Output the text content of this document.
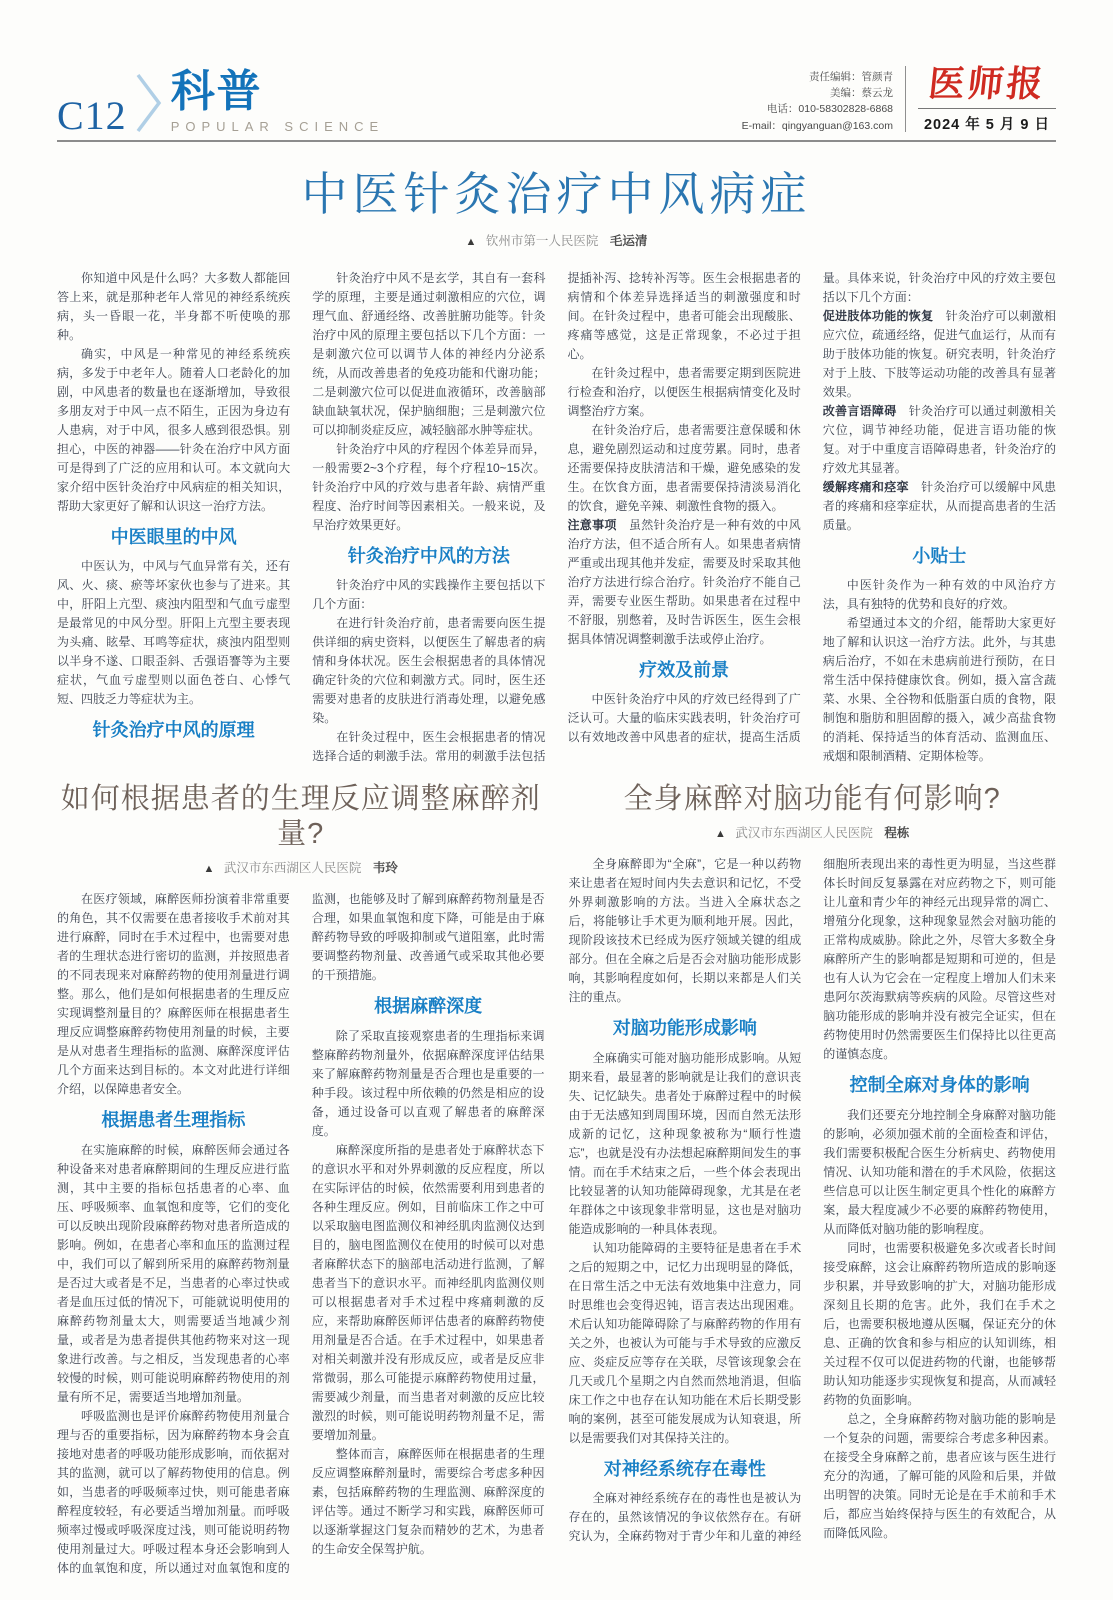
C12 科普
POPULAR SCIENCE
责任编辑：管颜青
美编：蔡云龙
电话：010-58302828-6868
E-mail：qingyanguan@163.com
医师报
2024 年 5 月 9 日
中医针灸治疗中风病症
▲ 钦州市第一人民医院 毛运清

你知道中风是什么吗？大多数人都能回答上来，就是那种老年人常见的神经系统疾病，头一昏眼一花，半身都不听使唤的那种。

确实，中风是一种常见的神经系统疾病，多发于中老年人。随着人口老龄化的加剧，中风患者的数量也在逐渐增加，导致很多朋友对于中风一点不陌生，正因为身边有人患病，对于中风，很多人感到很恐惧。别担心，中医的神器——针灸在治疗中风方面可是得到了广泛的应用和认可。本文就向大家介绍中医针灸治疗中风病症的相关知识，帮助大家更好了解和认识这一治疗方法。

中医眼里的中风

中医认为，中风与气血异常有关，还有风、火、痰、瘀等坏家伙也参与了进来。其中，肝阳上亢型、痰浊内阻型和气血亏虚型是最常见的中风分型。肝阳上亢型主要表现为头痛、眩晕、耳鸣等症状，痰浊内阻型则以半身不遂、口眼歪斜、舌强语謇等为主要症状，气血亏虚型则以面色苍白、心悸气短、四肢乏力等症状为主。

针灸治疗中风的原理

针灸治疗中风不是玄学，其自有一套科学的原理，主要是通过刺激相应的穴位，调理气血、舒通经络、改善脏腑功能等。针灸治疗中风的原理主要包括以下几个方面：一是刺激穴位可以调节人体的神经内分泌系统，从而改善患者的免疫功能和代谢功能；二是刺激穴位可以促进血液循环，改善脑部缺血缺氧状况，保护脑细胞；三是刺激穴位可以抑制炎症反应，减轻脑部水肿等症状。

针灸治疗中风的疗程因个体差异而异，一般需要2~3个疗程，每个疗程10~15次。针灸治疗中风的疗效与患者年龄、病情严重程度、治疗时间等因素相关。一般来说，及早治疗效果更好。

针灸治疗中风的方法

针灸治疗中风的实践操作主要包括以下几个方面：

在进行针灸治疗前，患者需要向医生提供详细的病史资料，以便医生了解患者的病情和身体状况。医生会根据患者的具体情况确定针灸的穴位和刺激方式。同时，医生还需要对患者的皮肤进行消毒处理，以避免感染。

在针灸过程中，医生会根据患者的情况选择合适的刺激手法。常用的刺激手法包括提插补泻、捻转补泻等。医生会根据患者的病情和个体差异选择适当的刺激强度和时间。在针灸过程中，患者可能会出现酸胀、疼痛等感觉，这是正常现象，不必过于担心。

在针灸过程中，患者需要定期到医院进行检查和治疗，以便医生根据病情变化及时调整治疗方案。

在针灸治疗后，患者需要注意保暖和休息，避免剧烈运动和过度劳累。同时，患者还需要保持皮肤清洁和干燥，避免感染的发生。在饮食方面，患者需要保持清淡易消化的饮食，避免辛辣、刺激性食物的摄入。

注意事项　虽然针灸治疗是一种有效的中风治疗方法，但不适合所有人。如果患者病情严重或出现其他并发症，需要及时采取其他治疗方法进行综合治疗。针灸治疗不能自己弄，需要专业医生帮助。如果患者在过程中不舒服，别憋着，及时告诉医生，医生会根据具体情况调整刺激手法或停止治疗。

疗效及前景

中医针灸治疗中风的疗效已经得到了广泛认可。大量的临床实践表明，针灸治疗可以有效地改善中风患者的症状，提高生活质量。具体来说，针灸治疗中风的疗效主要包括以下几个方面：

促进肢体功能的恢复　针灸治疗可以刺激相应穴位，疏通经络，促进气血运行，从而有助于肢体功能的恢复。研究表明，针灸治疗对于上肢、下肢等运动功能的改善具有显著效果。

改善言语障碍　针灸治疗可以通过刺激相关穴位，调节神经功能，促进言语功能的恢复。对于中重度言语障碍患者，针灸治疗的疗效尤其显著。

缓解疼痛和痉挛　针灸治疗可以缓解中风患者的疼痛和痉挛症状，从而提高患者的生活质量。

小贴士

中医针灸作为一种有效的中风治疗方法，具有独特的优势和良好的疗效。

希望通过本文的介绍，能帮助大家更好地了解和认识这一治疗方法。此外，与其患病后治疗，不如在未患病前进行预防，在日常生活中保持健康饮食。例如，摄入富含蔬菜、水果、全谷物和低脂蛋白质的食物，限制饱和脂肪和胆固醇的摄入，减少高盐食物的消耗、保持适当的体育活动、监测血压、戒烟和限制酒精、定期体检等。

如何根据患者的生理反应调整麻醉剂量?
▲ 武汉市东西湖区人民医院 韦玲

在医疗领域，麻醉医师扮演着非常重要的角色，其不仅需要在患者接收手术前对其进行麻醉，同时在手术过程中，也需要对患者的生理状态进行密切的监测，并按照患者的不同表现来对麻醉药物的使用剂量进行调整。那么，他们是如何根据患者的生理反应实现调整剂量目的？麻醉医师在根据患者生理反应调整麻醉药物使用剂量的时候，主要是从对患者生理指标的监测、麻醉深度评估几个方面来达到目标的。本文对此进行详细介绍，以保障患者安全。

根据患者生理指标

在实施麻醉的时候，麻醉医师会通过各种设备来对患者麻醉期间的生理反应进行监测，其中主要的指标包括患者的心率、血压、呼吸频率、血氧饱和度等，它们的变化可以反映出现阶段麻醉药物对患者所造成的影响。例如，在患者心率和血压的监测过程中，我们可以了解到所采用的麻醉药物剂量是否过大或者是不足，当患者的心率过快或者是血压过低的情况下，可能就说明使用的麻醉药物剂量太大，则需要适当地减少剂量，或者是为患者提供其他药物来对这一现象进行改善。与之相反，当发现患者的心率较慢的时候，则可能说明麻醉药物使用的剂量有所不足，需要适当地增加剂量。

呼吸监测也是评价麻醉药物使用剂量合理与否的重要指标，因为麻醉药物本身会直接地对患者的呼吸功能形成影响，而依据对其的监测，就可以了解药物使用的信息。例如，当患者的呼吸频率过快，则可能患者麻醉程度较轻，有必要适当增加剂量。而呼吸频率过慢或呼吸深度过浅，则可能说明药物使用剂量过大。呼吸过程本身还会影响到人体的血氧饱和度，所以通过对血氧饱和度的监测，也能够及时了解到麻醉药物剂量是否合理，如果血氧饱和度下降，可能是由于麻醉药物导致的呼吸抑制或气道阻塞，此时需要调整药物剂量、改善通气或采取其他必要的干预措施。

根据麻醉深度

除了采取直接观察患者的生理指标来调整麻醉药物剂量外，依据麻醉深度评估结果来了解麻醉药物剂量是否合理也是重要的一种手段。该过程中所依赖的仍然是相应的设备，通过设备可以直观了解患者的麻醉深度。

麻醉深度所指的是患者处于麻醉状态下的意识水平和对外界刺激的反应程度，所以在实际评估的时候，依然需要利用到患者的各种生理反应。例如，目前临床工作之中可以采取脑电图监测仪和神经肌肉监测仪达到目的，脑电图监测仪在使用的时候可以对患者麻醉状态下的脑部电活动进行监测，了解患者当下的意识水平。而神经肌肉监测仪则可以根据患者对手术过程中疼痛刺激的反应，来帮助麻醉医师评估患者的麻醉药物使用剂量是否合适。在手术过程中，如果患者对相关刺激并没有形成反应，或者是反应非常微弱，那么可能提示麻醉药物使用过量，需要减少剂量，而当患者对刺激的反应比较激烈的时候，则可能说明药物剂量不足，需要增加剂量。

整体而言，麻醉医师在根据患者的生理反应调整麻醉剂量时，需要综合考虑多种因素，包括麻醉药物的生理监测、麻醉深度的评估等。通过不断学习和实践，麻醉医师可以逐渐掌握这门复杂而精妙的艺术，为患者的生命安全保驾护航。

全身麻醉对脑功能有何影响?
▲ 武汉市东西湖区人民医院 程栋

全身麻醉即为“全麻”，它是一种以药物来让患者在短时间内失去意识和记忆，不受外界刺激影响的方法。当进入全麻状态之后，将能够让手术更为顺利地开展。因此，现阶段该技术已经成为医疗领域关键的组成部分。但在全麻之后是否会对脑功能形成影响，其影响程度如何，长期以来都是人们关注的重点。

对脑功能形成影响

全麻确实可能对脑功能形成影响。从短期来看，最显著的影响就是让我们的意识丧失、记忆缺失。患者处于麻醉过程中的时候由于无法感知到周围环境，因而自然无法形成新的记忆，这种现象被称为“顺行性遗忘”，也就是没有办法想起麻醉期间发生的事情。而在手术结束之后，一些个体会表现出比较显著的认知功能障碍现象，尤其是在老年群体之中该现象非常明显，这也是对脑功能造成影响的一种具体表现。

认知功能障碍的主要特征是患者在手术之后的短期之中，记忆力出现明显的降低，在日常生活之中无法有效地集中注意力，同时思维也会变得迟钝，语言表达出现困难。术后认知功能障碍除了与麻醉药物的作用有关之外，也被认为可能与手术导致的应激反应、炎症反应等存在关联，尽管该现象会在几天或几个星期之内自然而然地消退，但临床工作之中也存在认知功能在术后长期受影响的案例，甚至可能发展成为认知衰退，所以是需要我们对其保持关注的。

对神经系统存在毒性

全麻对神经系统存在的毒性也是被认为存在的，虽然该情况的争议依然存在。有研究认为，全麻药物对于青少年和儿童的神经细胞所表现出来的毒性更为明显，当这些群体长时间反复暴露在对应药物之下，则可能让儿童和青少年的神经元出现异常的凋亡、增殖分化现象，这种现象显然会对脑功能的正常构成威胁。除此之外，尽管大多数全身麻醉所产生的影响都是短期和可逆的，但是也有人认为它会在一定程度上增加人们未来患阿尔茨海默病等疾病的风险。尽管这些对脑功能形成的影响并没有被完全证实，但在药物使用时仍然需要医生们保持比以往更高的谨慎态度。

控制全麻对身体的影响

我们还要充分地控制全身麻醉对脑功能的影响，必须加强术前的全面检查和评估，我们需要积极配合医生分析病史、药物使用情况、认知功能和潜在的手术风险，依据这些信息可以让医生制定更具个性化的麻醉方案，最大程度减少不必要的麻醉药物使用，从而降低对脑功能的影响程度。

同时，也需要积极避免多次或者长时间接受麻醉，这会让麻醉药物所造成的影响逐步积累，并导致影响的扩大，对脑功能形成深刻且长期的危害。此外，我们在手术之后，也需要积极地遵从医嘱，保证充分的休息、正确的饮食和参与相应的认知训练，相关过程不仅可以促进药物的代谢，也能够帮助认知功能逐步实现恢复和提高，从而减轻药物的负面影响。

总之，全身麻醉药物对脑功能的影响是一个复杂的问题，需要综合考虑多种因素。在接受全身麻醉之前，患者应该与医生进行充分的沟通，了解可能的风险和后果，并做出明智的决策。同时无论是在手术前和手术后，都应当始终保持与医生的有效配合，从而降低风险。
